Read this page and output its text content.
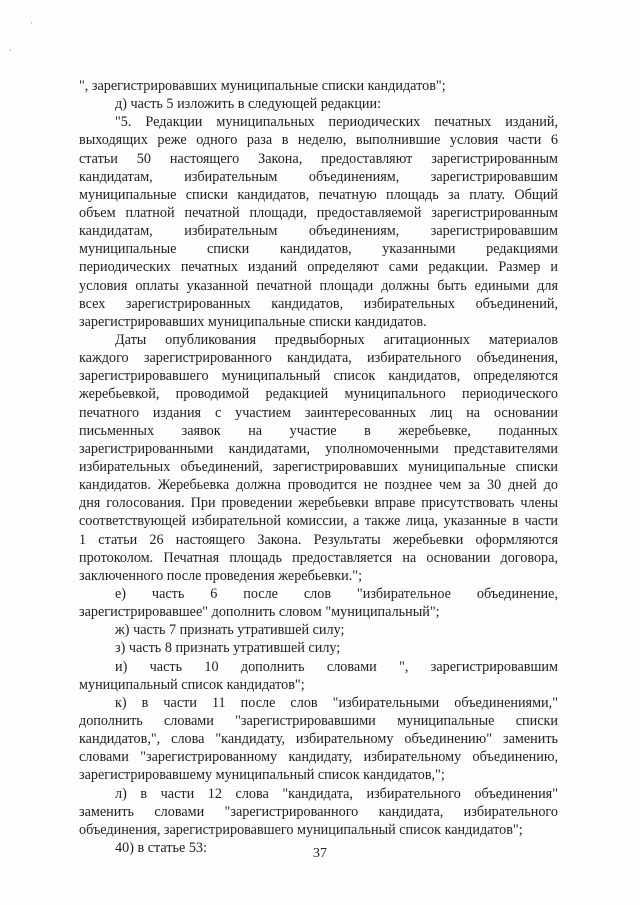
˙
·
", зарегистрировавших муниципальные списки кандидатов";
д) часть 5 изложить в следующей редакции:
"5. Редакции муниципальных периодических печатных изданий,
выходящих реже одного раза в неделю, выполнившие условия части 6
статьи 50 настоящего Закона, предоставляют зарегистрированным
кандидатам, избирательным объединениям, зарегистрировавшим
муниципальные списки кандидатов, печатную площадь за плату. Общий
объем платной печатной площади, предоставляемой зарегистрированным
кандидатам, избирательным объединениям, зарегистрировавшим
муниципальные списки кандидатов, указанными редакциями
периодических печатных изданий определяют сами редакции. Размер и
условия оплаты указанной печатной площади должны быть едиными для
всех зарегистрированных кандидатов, избирательных объединений,
зарегистрировавших муниципальные списки кандидатов.
Даты опубликования предвыборных агитационных материалов
каждого зарегистрированного кандидата, избирательного объединения,
зарегистрировавшего муниципальный список кандидатов, определяются
жеребьевкой, проводимой редакцией муниципального периодического
печатного издания с участием заинтересованных лиц на основании
письменных заявок на участие в жеребьевке, поданных
зарегистрированными кандидатами, уполномоченными представителями
избирательных объединений, зарегистрировавших муниципальные списки
кандидатов. Жеребьевка должна проводится не позднее чем за 30 дней до
дня голосования. При проведении жеребьевки вправе присутствовать члены
соответствующей избирательной комиссии, а также лица, указанные в части
1 статьи 26 настоящего Закона. Результаты жеребьевки оформляются
протоколом. Печатная площадь предоставляется на основании договора,
заключенного после проведения жеребьевки.";
е) часть 6 после слов "избирательное объединение,
зарегистрировавшее" дополнить словом "муниципальный";
ж) часть 7 признать утратившей силу;
з) часть 8 признать утратившей силу;
и) часть 10 дополнить словами ", зарегистрировавшим
муниципальный список кандидатов";
к) в части 11 после слов "избирательными объединениями,"
дополнить словами "зарегистрировавшими муниципальные списки
кандидатов,", слова "кандидату, избирательному объединению" заменить
словами "зарегистрированному кандидату, избирательному объединению,
зарегистрировавшему муниципальный список кандидатов,";
л) в части 12 слова "кандидата, избирательного объединения"
заменить словами "зарегистрированного кандидата, избирательного
объединения, зарегистрировавшего муниципальный список кандидатов";
40) в статье 53:	37
